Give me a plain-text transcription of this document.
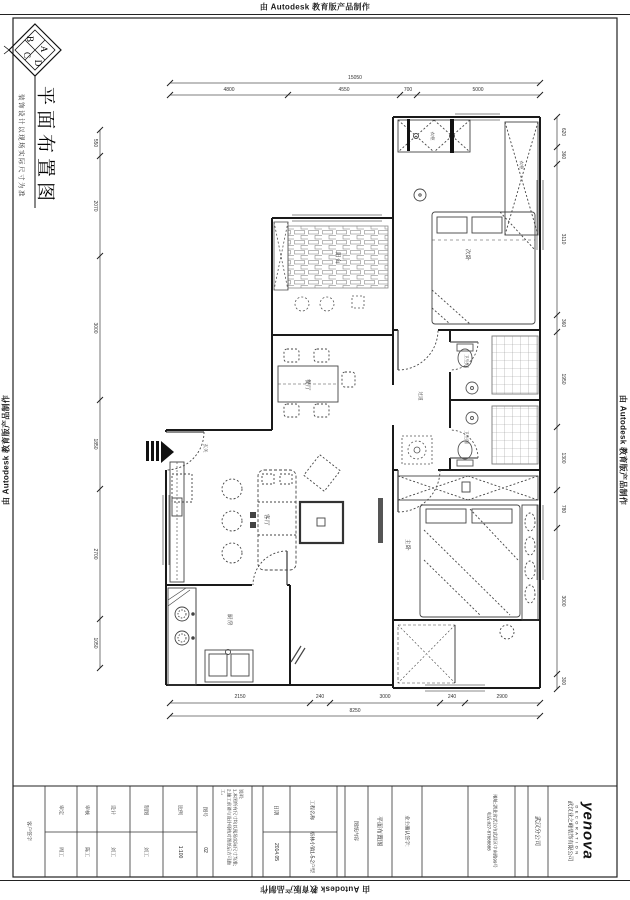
由 Autodesk 教育版产品制作
由 Autodesk 教育版产品制作	由 Autodesk 教育版产品制作
由 Autodesk 教育版产品制作
A
B
C
D
平面布置图
装饰设计以现场实际尺寸为准
15050
4800	4550	700	5000
2150	240	3000	240	2900
8250
550
2070
3000
1850
2700
1050
620
360
3110
360
1950
1300
780
3000
300
衣柜
衣柜
次卧
阳台
餐厅
过道
卫生间
卫生间
客厅
厨房
主卧
玄关
客户签字
审定
周工
审核
陈工
设计
刘工
制图
刘工
比例
1:100
图号
02
说明:
1.本图所有尺寸均以现场实际尺寸为准;
2.施工前请与设计师核对图纸后方可施工。
日期
2014.05
工程名称
格林小镇1-5-2户型
图纸内容	平面布置图	业主确认签字:	地址:湖北省武汉市武昌区中南路99号
电话:027-87888888	武汉分公司	yenova
DECORATION
武汉业之峰装饰有限公司
